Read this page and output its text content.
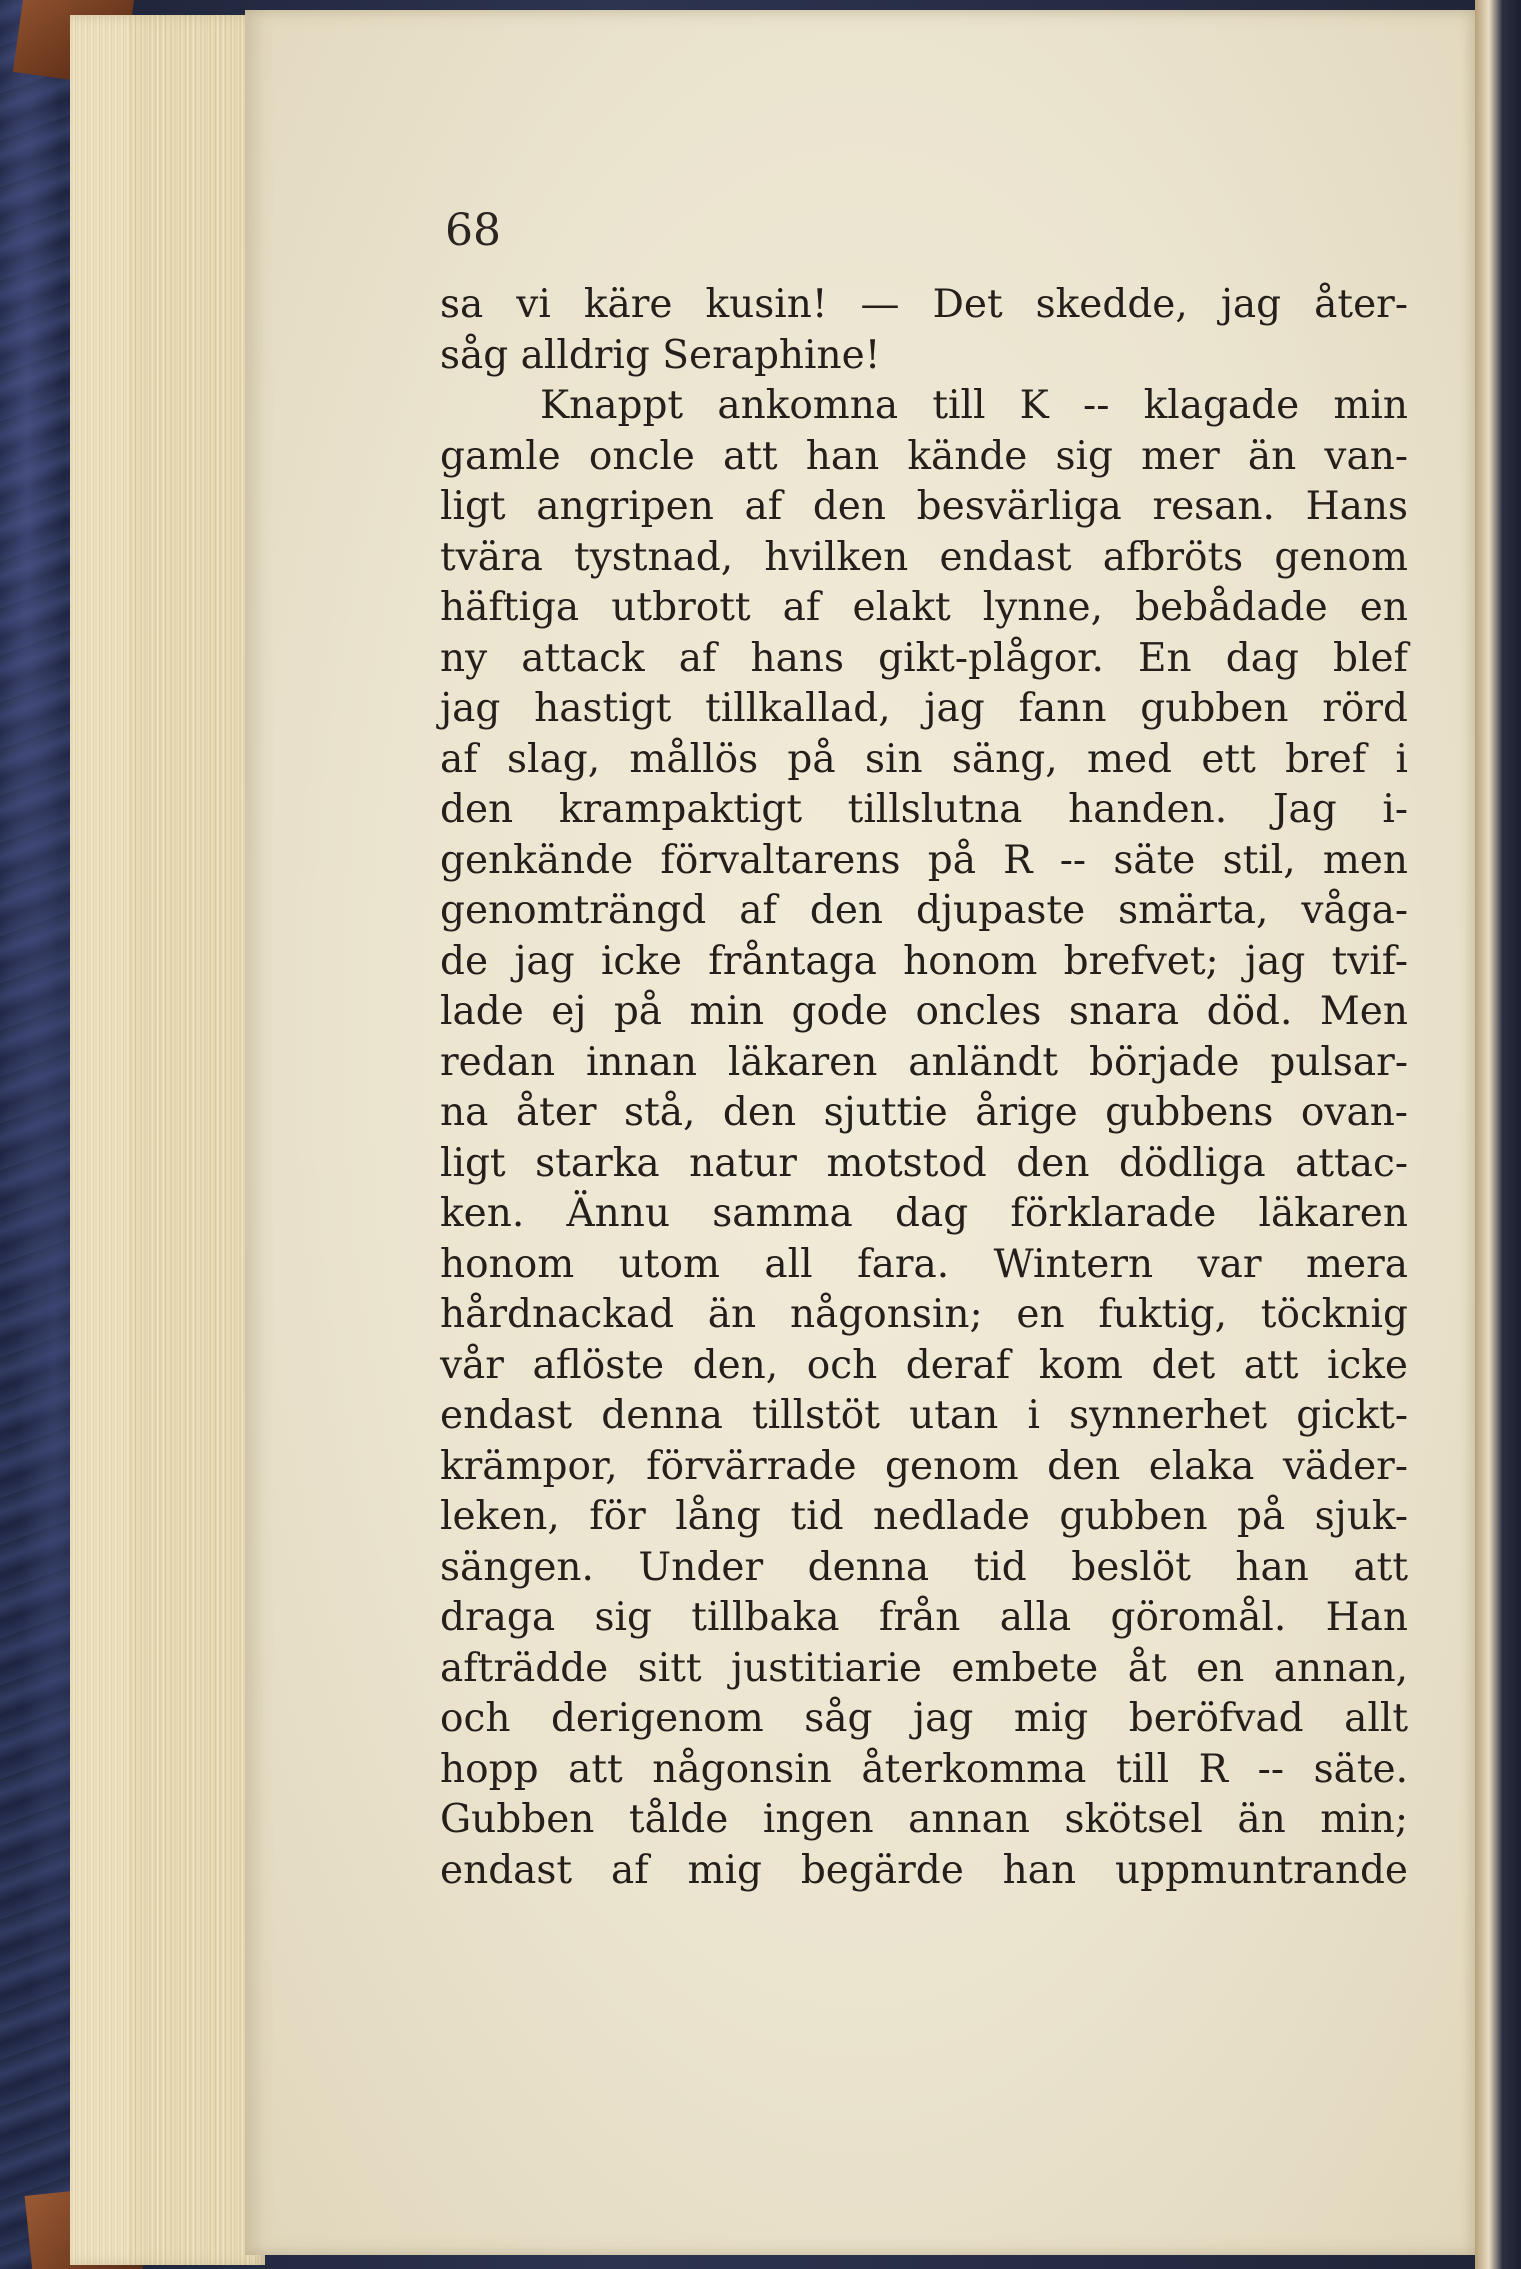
68

sa vi käre kusin! — Det skedde, jag åter-
såg alldrig Seraphine!
Knappt ankomna till K -- klagade min
gamle oncle att han kände sig mer än van-
ligt angripen af den besvärliga resan. Hans
tvära tystnad, hvilken endast afbröts genom
häftiga utbrott af elakt lynne, bebådade en
ny attack af hans gikt-plågor. En dag blef
jag hastigt tillkallad, jag fann gubben rörd
af slag, mållös på sin säng, med ett bref i
den krampaktigt tillslutna handen. Jag i-
genkände förvaltarens på R -- säte stil, men
genomträngd af den djupaste smärta, våga-
de jag icke fråntaga honom brefvet; jag tvif-
lade ej på min gode oncles snara död. Men
redan innan läkaren anländt började pulsar-
na åter stå, den sjuttie årige gubbens ovan-
ligt starka natur motstod den dödliga attac-
ken. Ännu samma dag förklarade läkaren
honom utom all fara. Wintern var mera
hårdnackad än någonsin; en fuktig, töcknig
vår aflöste den, och deraf kom det att icke
endast denna tillstöt utan i synnerhet gickt-
krämpor, förvärrade genom den elaka väder-
leken, för lång tid nedlade gubben på sjuk-
sängen. Under denna tid beslöt han att
draga sig tillbaka från alla göromål. Han
afträdde sitt justitiarie embete åt en annan,
och derigenom såg jag mig beröfvad allt
hopp att någonsin återkomma till R -- säte.
Gubben tålde ingen annan skötsel än min;
endast af mig begärde han uppmuntrande
